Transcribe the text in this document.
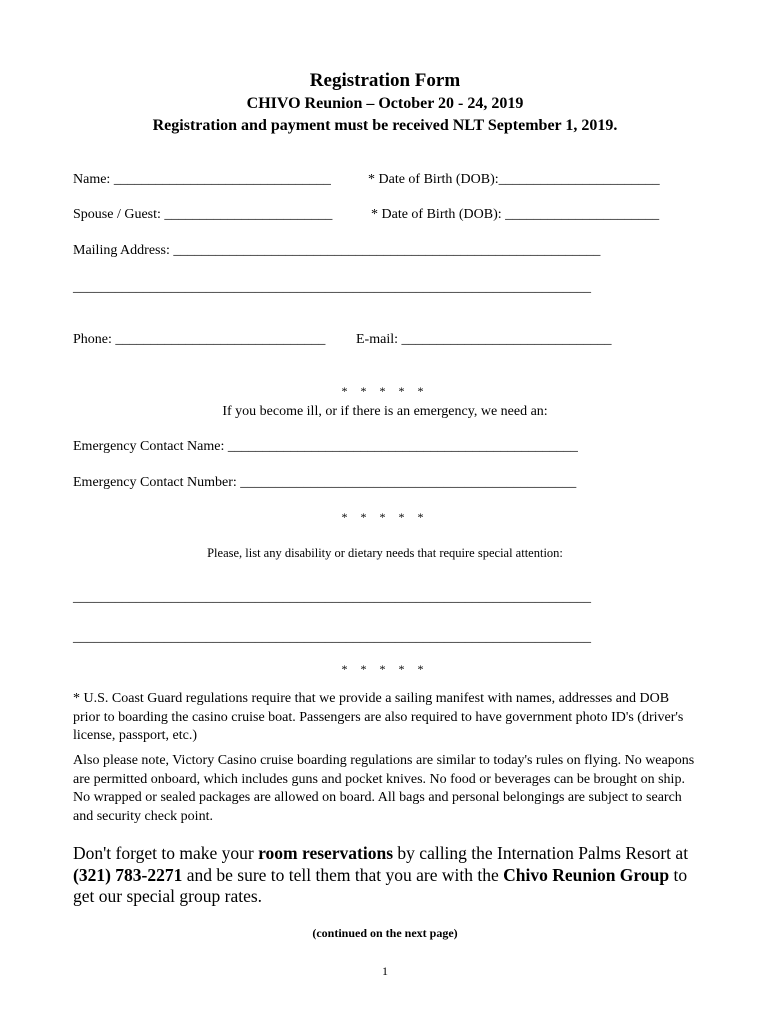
Registration Form
CHIVO Reunion – October 20 - 24, 2019
Registration and payment must be received NLT September 1, 2019.
Name: _______________________________	* Date of Birth (DOB):_______________________
Spouse / Guest: ________________________	* Date of Birth (DOB): ______________________
Mailing Address: _____________________________________________________________
__________________________________________________________________________
Phone: ______________________________ E-mail: ______________________________
* * * * *
If you become ill, or if there is an emergency, we need an:
Emergency Contact Name: __________________________________________________
Emergency Contact Number: ________________________________________________
* * * * *
Please, list any disability or dietary needs that require special attention:
__________________________________________________________________________
__________________________________________________________________________
* * * * *
* U.S. Coast Guard regulations require that we provide a sailing manifest with names, addresses and DOB prior to boarding the casino cruise boat. Passengers are also required to have government photo ID's (driver's license, passport, etc.)
Also please note, Victory Casino cruise boarding regulations are similar to today's rules on flying. No weapons are permitted onboard, which includes guns and pocket knives. No food or beverages can be brought on ship. No wrapped or sealed packages are allowed on board. All bags and personal belongings are subject to search and security check point.
Don't forget to make your room reservations by calling the Internation Palms Resort at (321) 783-2271 and be sure to tell them that you are with the Chivo Reunion Group to get our special group rates.
(continued on the next page)
1
